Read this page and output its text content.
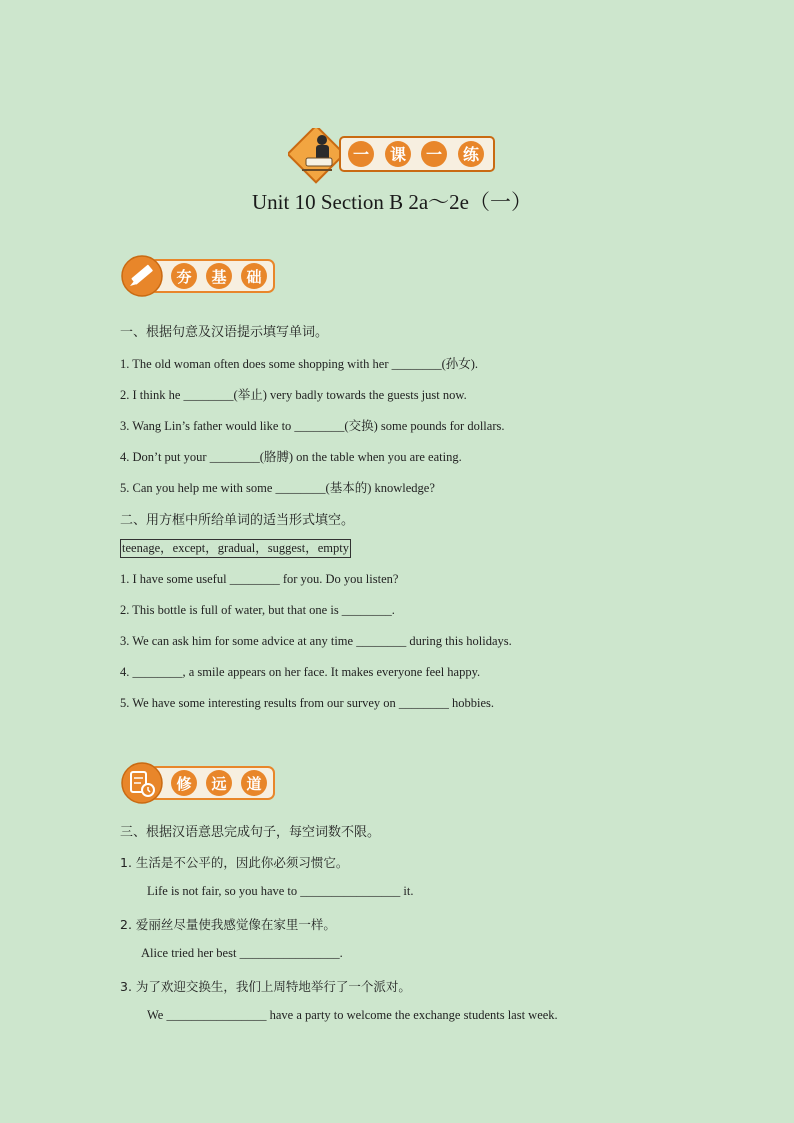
一 课 一 练
Unit 10 Section B 2a～2e（一）
夯 基 础
一、根据句意及汉语提示填写单词。
1. The old woman often does some shopping with her ________(孙女).
2. I think he ________(举止) very badly towards the guests just now.
3. Wang Lin’s father would like to ________(交换) some pounds for dollars.
4. Don’t put your ________(胳膊) on the table when you are eating.
5. Can you help me with some ________(基本的) knowledge?
二、用方框中所给单词的适当形式填空。
teenage，except，gradual，suggest，empty
1. I have some useful ________ for you. Do you listen?
2. This bottle is full of water, but that one is ________.
3. We can ask him for some advice at any time ________ during this holidays.
4. ________, a smile appears on her face. It makes everyone feel happy.
5. We have some interesting results from our survey on ________ hobbies.
修 远 道
三、根据汉语意思完成句子，每空词数不限。
1. 生活是不公平的，因此你必须习惯它。
Life is not fair, so you have to ________________ it.
2. 爱丽丝尽量使我感觉像在家里一样。
Alice tried her best ________________.
3. 为了欢迎交换生，我们上周特地举行了一个派对。
We ________________ have a party to welcome the exchange students last week.
